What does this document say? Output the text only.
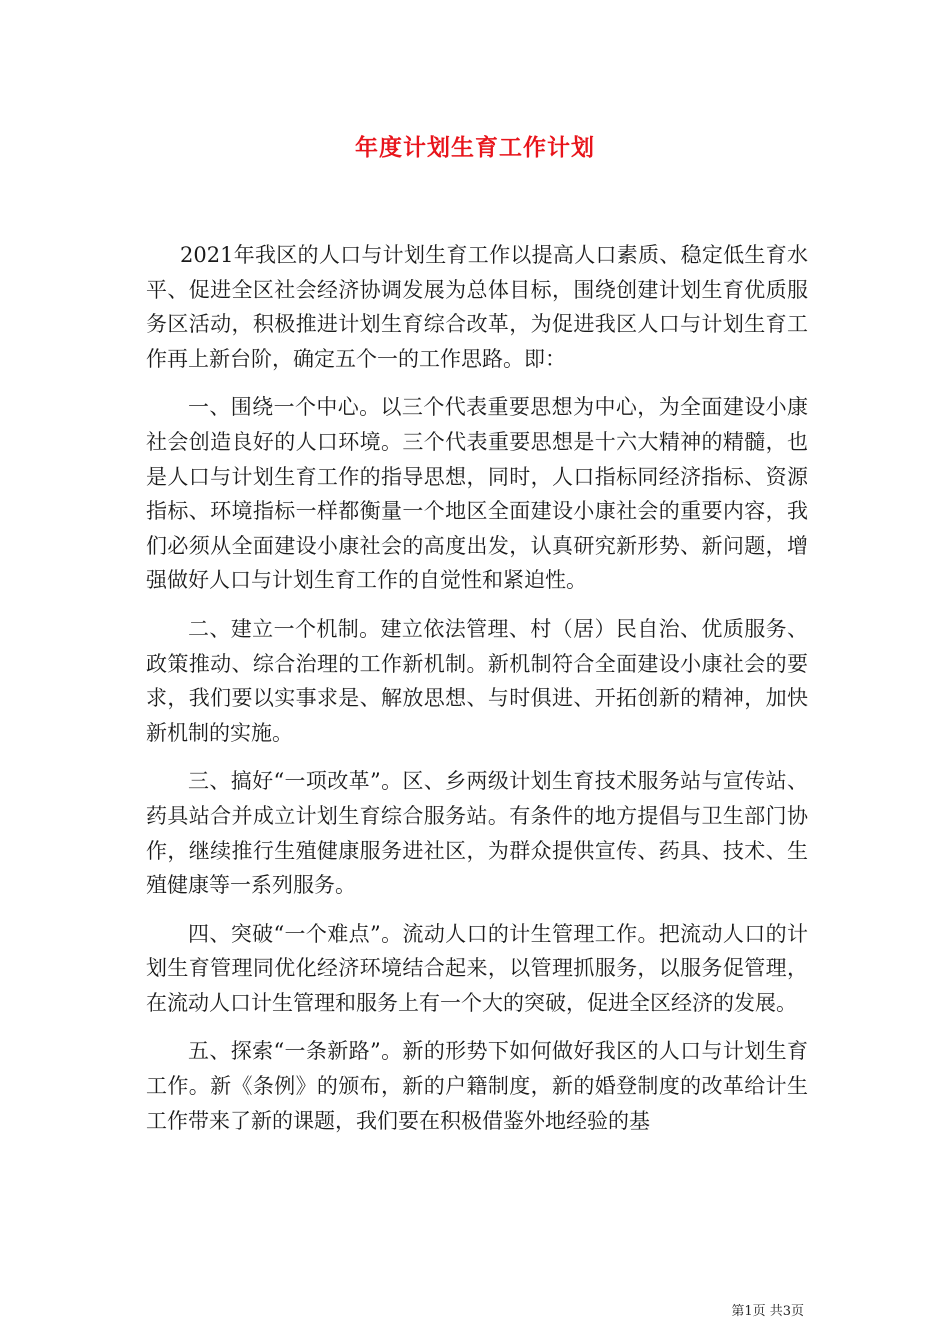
年度计划生育工作计划

2021年我区的人口与计划生育工作以提高人口素质、稳定低生育水平、促进全区社会经济协调发展为总体目标，围绕创建计划生育优质服务区活动，积极推进计划生育综合改革，为促进我区人口与计划生育工作再上新台阶，确定五个一的工作思路。即：

一、围绕一个中心。以三个代表重要思想为中心，为全面建设小康社会创造良好的人口环境。三个代表重要思想是十六大精神的精髓，也是人口与计划生育工作的指导思想，同时，人口指标同经济指标、资源指标、环境指标一样都衡量一个地区全面建设小康社会的重要内容，我们必须从全面建设小康社会的高度出发，认真研究新形势、新问题，增强做好人口与计划生育工作的自觉性和紧迫性。

二、建立一个机制。建立依法管理、村（居）民自治、优质服务、政策推动、综合治理的工作新机制。新机制符合全面建设小康社会的要求，我们要以实事求是、解放思想、与时俱进、开拓创新的精神，加快新机制的实施。

三、搞好“一项改革”。区、乡两级计划生育技术服务站与宣传站、药具站合并成立计划生育综合服务站。有条件的地方提倡与卫生部门协作，继续推行生殖健康服务进社区，为群众提供宣传、药具、技术、生殖健康等一系列服务。

四、突破“一个难点”。流动人口的计生管理工作。把流动人口的计划生育管理同优化经济环境结合起来，以管理抓服务，以服务促管理，在流动人口计生管理和服务上有一个大的突破，促进全区经济的发展。

五、探索“一条新路”。新的形势下如何做好我区的人口与计划生育工作。新《条例》的颁布，新的户籍制度，新的婚登制度的改革给计生工作带来了新的课题，我们要在积极借鉴外地经验的基

第1页 共3页
